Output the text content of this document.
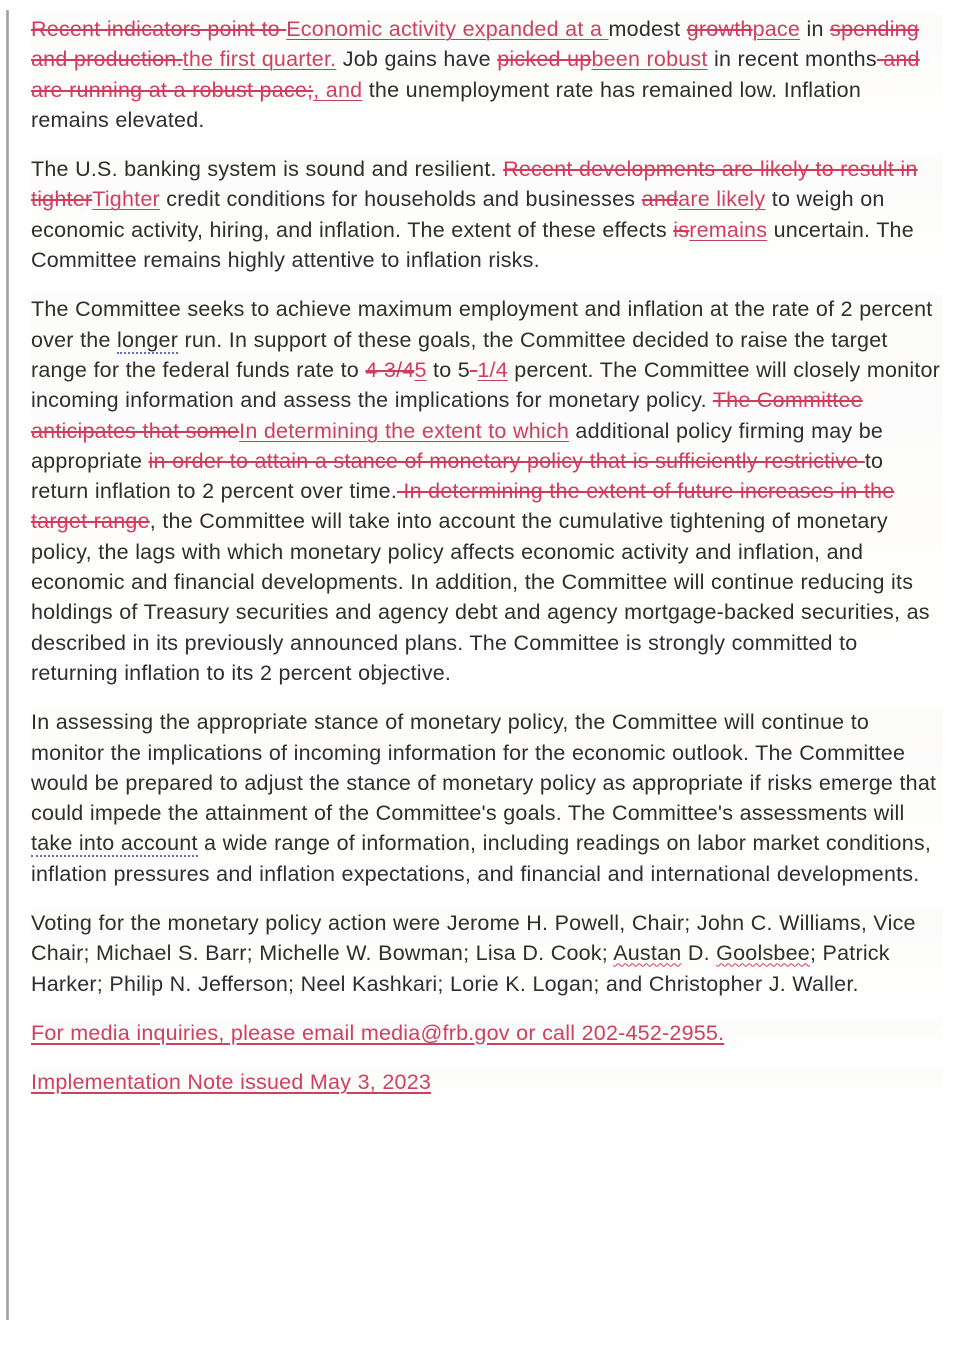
Recent indicators point to Economic activity expanded at a modest growthpace in spending and production.the first quarter. Job gains have picked upbeen robust in recent months and are running at a robust pace;, and the unemployment rate has remained low. Inflation remains elevated.

The U.S. banking system is sound and resilient. Recent developments are likely to result in tighterTighter credit conditions for households and businesses andare likely to weigh on economic activity, hiring, and inflation. The extent of these effects isremains uncertain. The Committee remains highly attentive to inflation risks.

The Committee seeks to achieve maximum employment and inflation at the rate of 2 percent over the longer run. In support of these goals, the Committee decided to raise the target range for the federal funds rate to 4 3/45 to 5-1/4 percent. The Committee will closely monitor incoming information and assess the implications for monetary policy. The Committee anticipates that someIn determining the extent to which additional policy firming may be appropriate in order to attain a stance of monetary policy that is sufficiently restrictive to return inflation to 2 percent over time. In determining the extent of future increases in the target range, the Committee will take into account the cumulative tightening of monetary policy, the lags with which monetary policy affects economic activity and inflation, and economic and financial developments. In addition, the Committee will continue reducing its holdings of Treasury securities and agency debt and agency mortgage-backed securities, as described in its previously announced plans. The Committee is strongly committed to returning inflation to its 2 percent objective.

In assessing the appropriate stance of monetary policy, the Committee will continue to monitor the implications of incoming information for the economic outlook. The Committee would be prepared to adjust the stance of monetary policy as appropriate if risks emerge that could impede the attainment of the Committee's goals. The Committee's assessments will take into account a wide range of information, including readings on labor market conditions, inflation pressures and inflation expectations, and financial and international developments.

Voting for the monetary policy action were Jerome H. Powell, Chair; John C. Williams, Vice Chair; Michael S. Barr; Michelle W. Bowman; Lisa D. Cook; Austan D. Goolsbee; Patrick Harker; Philip N. Jefferson; Neel Kashkari; Lorie K. Logan; and Christopher J. Waller.

For media inquiries, please email media@frb.gov or call 202-452-2955.

Implementation Note issued May 3, 2023
